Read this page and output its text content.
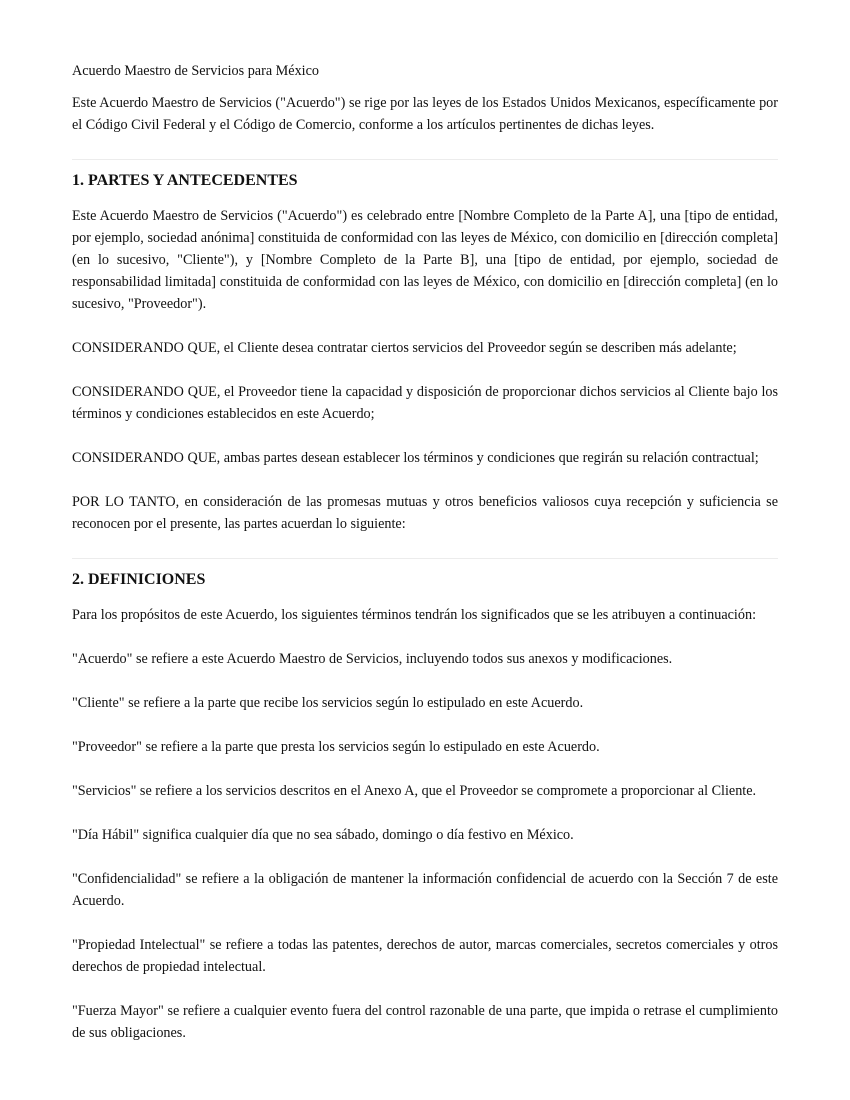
Acuerdo Maestro de Servicios para México

Este Acuerdo Maestro de Servicios ("Acuerdo") se rige por las leyes de los Estados Unidos Mexicanos, específicamente por el Código Civil Federal y el Código de Comercio, conforme a los artículos pertinentes de dichas leyes.

1. PARTES Y ANTECEDENTES

Este Acuerdo Maestro de Servicios ("Acuerdo") es celebrado entre [Nombre Completo de la Parte A], una [tipo de entidad, por ejemplo, sociedad anónima] constituida de conformidad con las leyes de México, con domicilio en [dirección completa] (en lo sucesivo, "Cliente"), y [Nombre Completo de la Parte B], una [tipo de entidad, por ejemplo, sociedad de responsabilidad limitada] constituida de conformidad con las leyes de México, con domicilio en [dirección completa] (en lo sucesivo, "Proveedor").

CONSIDERANDO QUE, el Cliente desea contratar ciertos servicios del Proveedor según se describen más adelante;

CONSIDERANDO QUE, el Proveedor tiene la capacidad y disposición de proporcionar dichos servicios al Cliente bajo los términos y condiciones establecidos en este Acuerdo;

CONSIDERANDO QUE, ambas partes desean establecer los términos y condiciones que regirán su relación contractual;

POR LO TANTO, en consideración de las promesas mutuas y otros beneficios valiosos cuya recepción y suficiencia se reconocen por el presente, las partes acuerdan lo siguiente:

2. DEFINICIONES

Para los propósitos de este Acuerdo, los siguientes términos tendrán los significados que se les atribuyen a continuación:

"Acuerdo" se refiere a este Acuerdo Maestro de Servicios, incluyendo todos sus anexos y modificaciones.

"Cliente" se refiere a la parte que recibe los servicios según lo estipulado en este Acuerdo.

"Proveedor" se refiere a la parte que presta los servicios según lo estipulado en este Acuerdo.

"Servicios" se refiere a los servicios descritos en el Anexo A, que el Proveedor se compromete a proporcionar al Cliente.

"Día Hábil" significa cualquier día que no sea sábado, domingo o día festivo en México.

"Confidencialidad" se refiere a la obligación de mantener la información confidencial de acuerdo con la Sección 7 de este Acuerdo.

"Propiedad Intelectual" se refiere a todas las patentes, derechos de autor, marcas comerciales, secretos comerciales y otros derechos de propiedad intelectual.

"Fuerza Mayor" se refiere a cualquier evento fuera del control razonable de una parte, que impida o retrase el cumplimiento de sus obligaciones.
